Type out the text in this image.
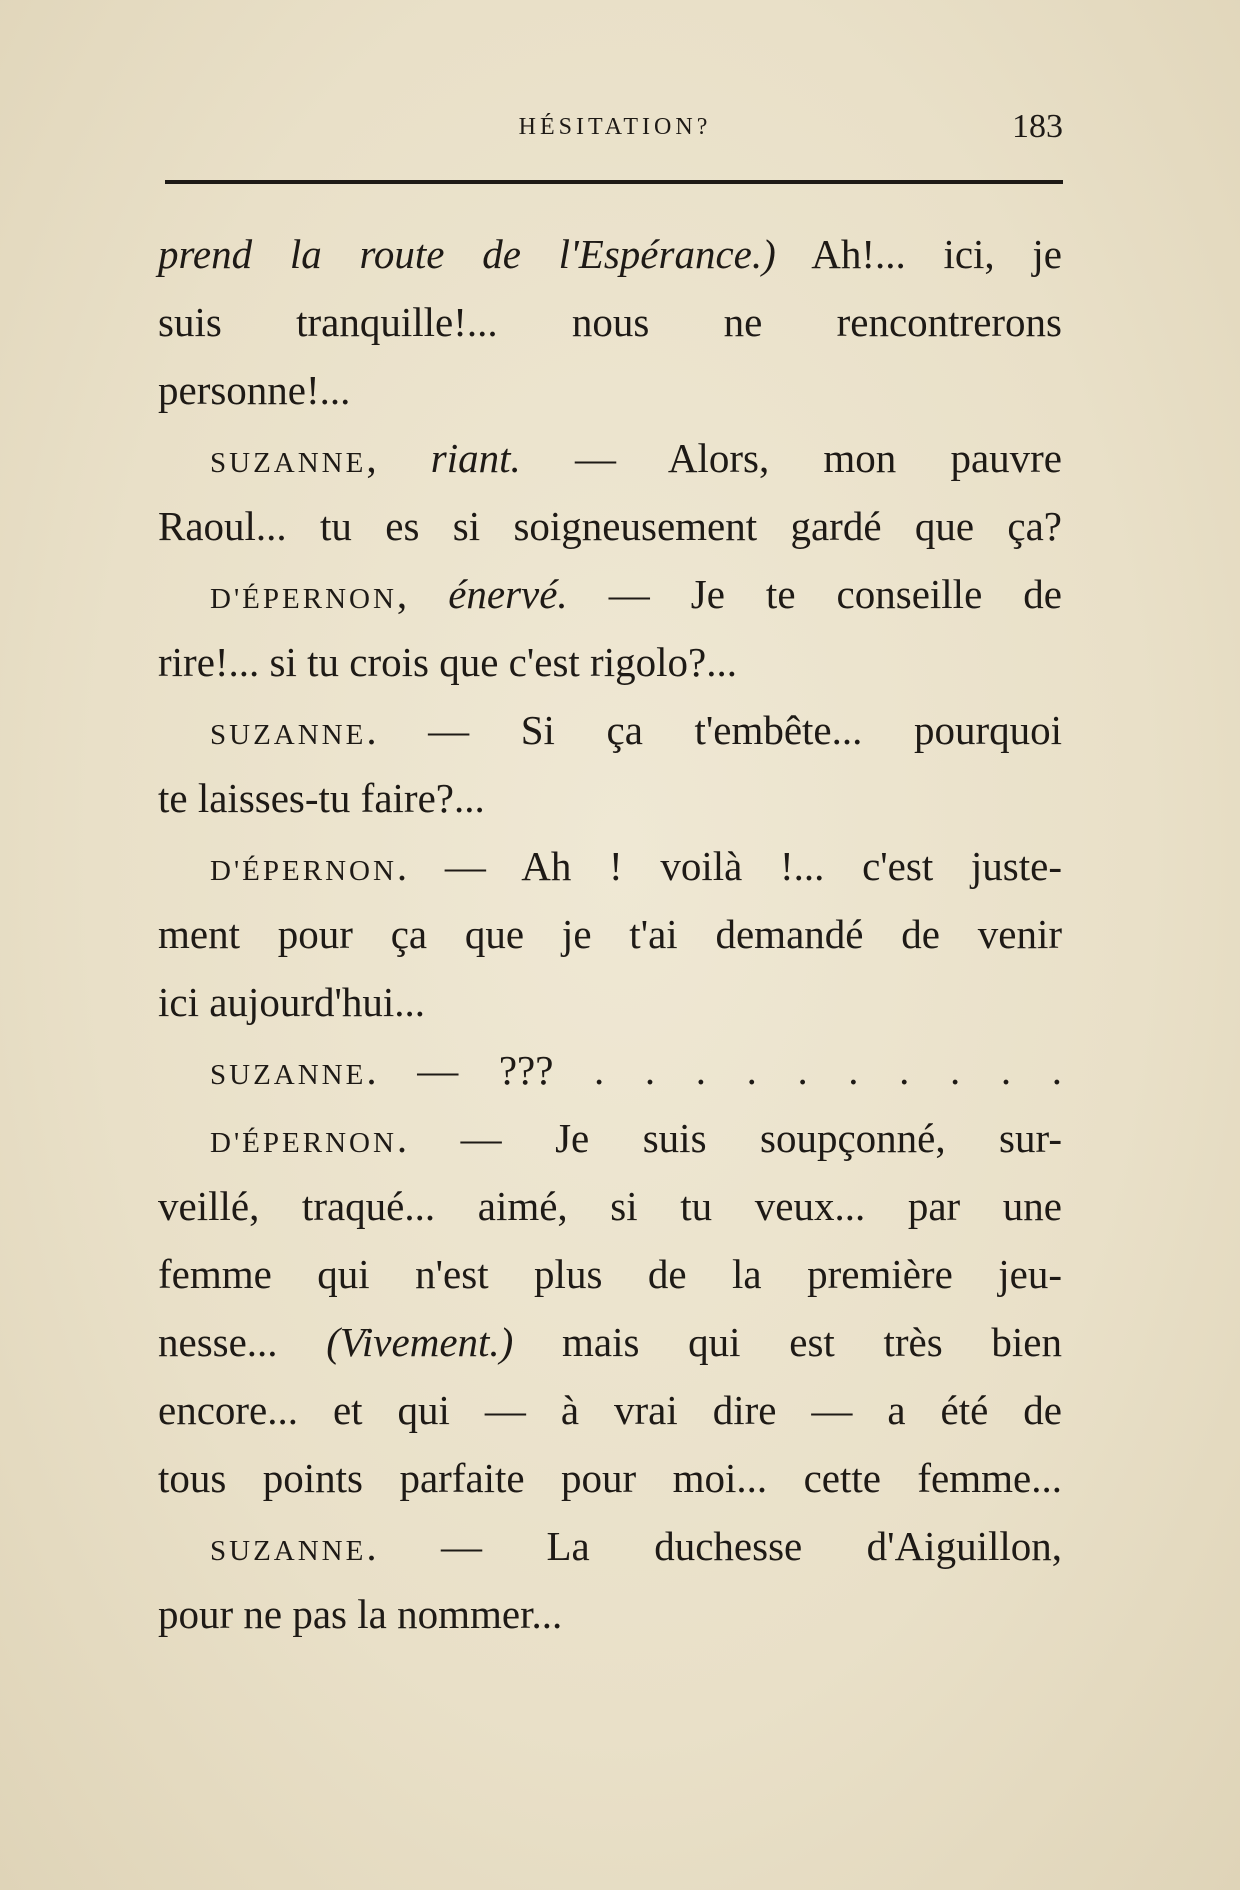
HÉSITATION?	183
prend la route de l'Espérance.) Ah!... ici, je
suis tranquille!... nous ne rencontrerons
personne!...
SUZANNE, riant. — Alors, mon pauvre
Raoul... tu es si soigneusement gardé que ça?
D'ÉPERNON, énervé. — Je te conseille de
rire!... si tu crois que c'est rigolo?...
SUZANNE. — Si ça t'embête... pourquoi
te laisses-tu faire?...
D'ÉPERNON. — Ah ! voilà !... c'est juste-
ment pour ça que je t'ai demandé de venir
ici aujourd'hui...
SUZANNE. — ??? . . . . . . . . . .
D'ÉPERNON. — Je suis soupçonné, sur-
veillé, traqué... aimé, si tu veux... par une
femme qui n'est plus de la première jeu-
nesse... (Vivement.) mais qui est très bien
encore... et qui — à vrai dire — a été de
tous points parfaite pour moi... cette femme...
SUZANNE. — La duchesse d'Aiguillon,
pour ne pas la nommer...
